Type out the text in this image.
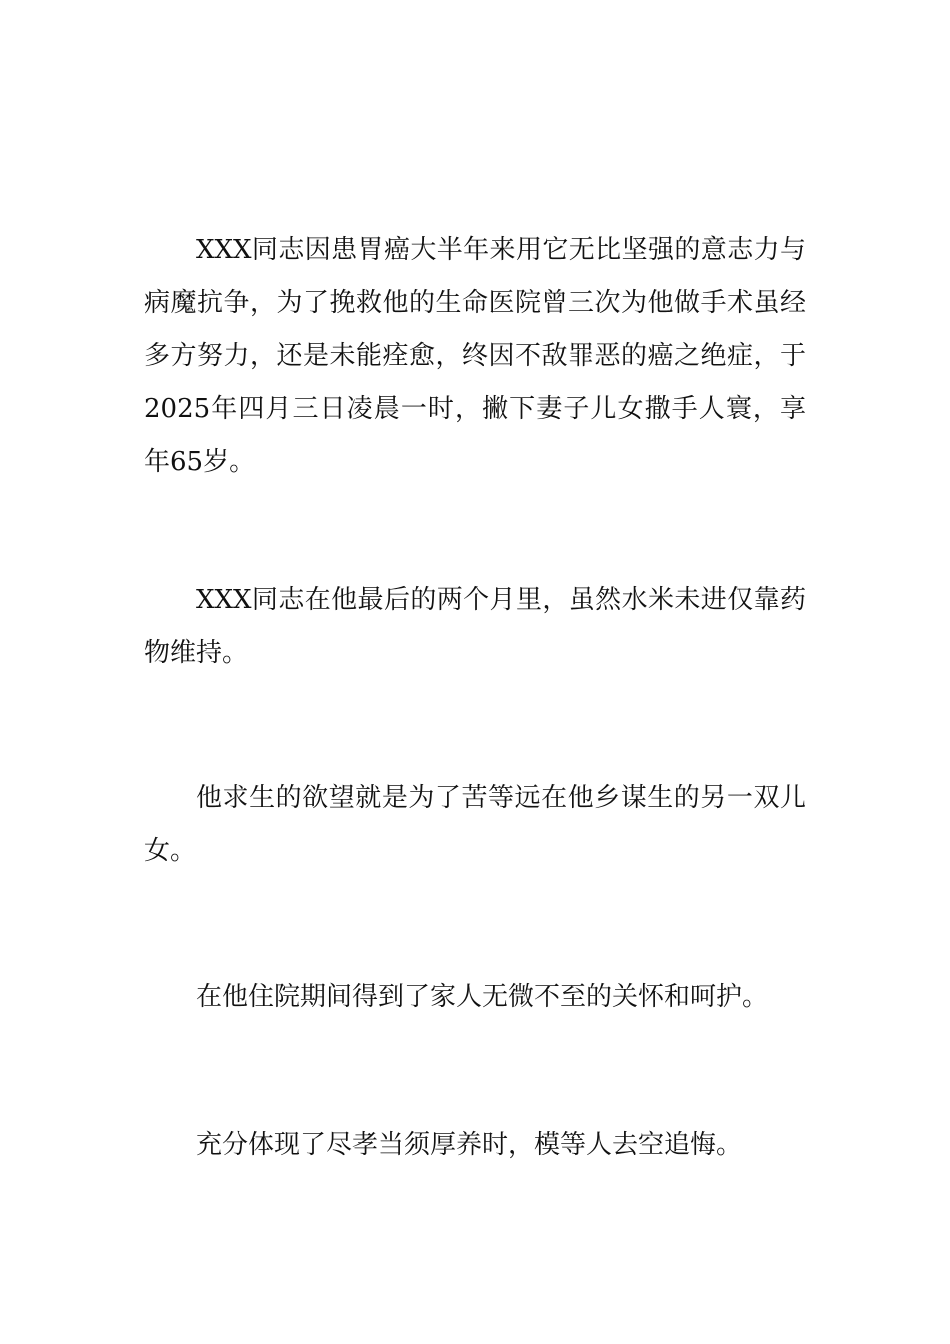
XXX同志因患胃癌大半年来用它无比坚强的意志力与病魔抗争，为了挽救他的生命医院曾三次为他做手术虽经多方努力，还是未能痊愈，终因不敌罪恶的癌之绝症，于2025年四月三日凌晨一时，撇下妻子儿女撒手人寰，享年65岁。

XXX同志在他最后的两个月里，虽然水米未进仅靠药物维持。

他求生的欲望就是为了苦等远在他乡谋生的另一双儿女。

在他住院期间得到了家人无微不至的关怀和呵护。

充分体现了尽孝当须厚养时，模等人去空追悔。
